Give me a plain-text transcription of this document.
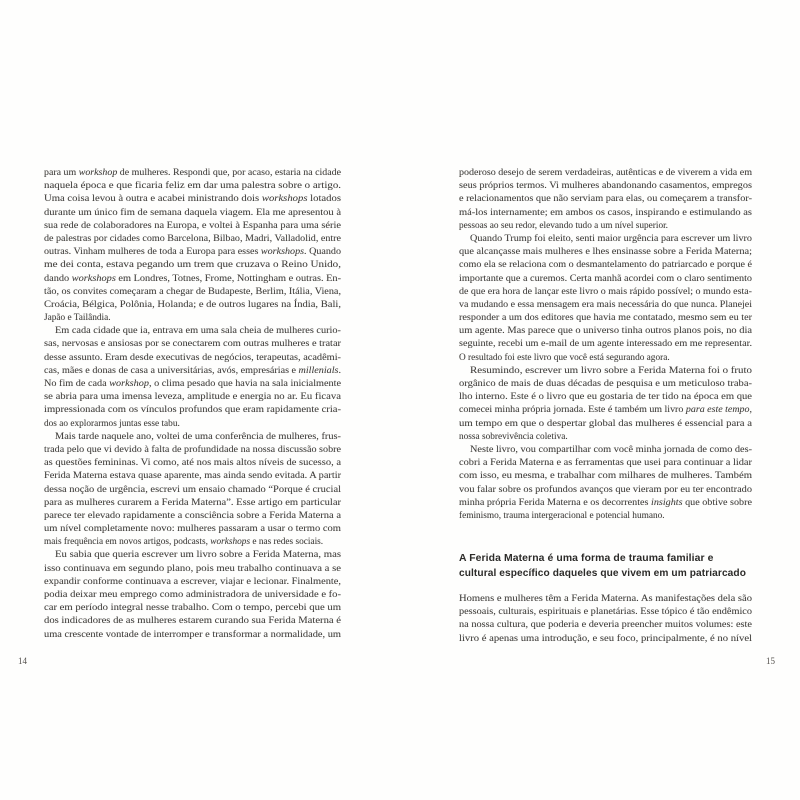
para um workshop de mulheres. Respondi que, por acaso, estaria na cidade
naquela época e que ficaria feliz em dar uma palestra sobre o artigo.
Uma coisa levou à outra e acabei ministrando dois workshops lotados
durante um único fim de semana daquela viagem. Ela me apresentou à
sua rede de colaboradores na Europa, e voltei à Espanha para uma série
de palestras por cidades como Barcelona, Bilbao, Madri, Valladolid, entre
outras. Vinham mulheres de toda a Europa para esses workshops. Quando
me dei conta, estava pegando um trem que cruzava o Reino Unido,
dando workshops em Londres, Totnes, Frome, Nottingham e outras. En-
tão, os convites começaram a chegar de Budapeste, Berlim, Itália, Viena,
Croácia, Bélgica, Polônia, Holanda; e de outros lugares na Índia, Bali,
Japão e Tailândia.
Em cada cidade que ia, entrava em uma sala cheia de mulheres curio-
sas, nervosas e ansiosas por se conectarem com outras mulheres e tratar
desse assunto. Eram desde executivas de negócios, terapeutas, acadêmi-
cas, mães e donas de casa a universitárias, avós, empresárias e millenials.
No fim de cada workshop, o clima pesado que havia na sala inicialmente
se abria para uma imensa leveza, amplitude e energia no ar. Eu ficava
impressionada com os vínculos profundos que eram rapidamente cria-
dos ao explorarmos juntas esse tabu.
Mais tarde naquele ano, voltei de uma conferência de mulheres, frus-
trada pelo que vi devido à falta de profundidade na nossa discussão sobre
as questões femininas. Vi como, até nos mais altos níveis de sucesso, a
Ferida Materna estava quase aparente, mas ainda sendo evitada. A partir
dessa noção de urgência, escrevi um ensaio chamado “Porque é crucial
para as mulheres curarem a Ferida Materna”. Esse artigo em particular
parece ter elevado rapidamente a consciência sobre a Ferida Materna a
um nível completamente novo: mulheres passaram a usar o termo com
mais frequência em novos artigos, podcasts, workshops e nas redes sociais.
Eu sabia que queria escrever um livro sobre a Ferida Materna, mas
isso continuava em segundo plano, pois meu trabalho continuava a se
expandir conforme continuava a escrever, viajar e lecionar. Finalmente,
podia deixar meu emprego como administradora de universidade e fo-
car em período integral nesse trabalho. Com o tempo, percebi que um
dos indicadores de as mulheres estarem curando sua Ferida Materna é
uma crescente vontade de interromper e transformar a normalidade, um
14
poderoso desejo de serem verdadeiras, autênticas e de viverem a vida em
seus próprios termos. Vi mulheres abandonando casamentos, empregos
e relacionamentos que não serviam para elas, ou começarem a transfor-
má-los internamente; em ambos os casos, inspirando e estimulando as
pessoas ao seu redor, elevando tudo a um nível superior.
Quando Trump foi eleito, senti maior urgência para escrever um livro
que alcançasse mais mulheres e lhes ensinasse sobre a Ferida Materna;
como ela se relaciona com o desmantelamento do patriarcado e porque é
importante que a curemos. Certa manhã acordei com o claro sentimento
de que era hora de lançar este livro o mais rápido possível; o mundo esta-
va mudando e essa mensagem era mais necessária do que nunca. Planejei
responder a um dos editores que havia me contatado, mesmo sem eu ter
um agente. Mas parece que o universo tinha outros planos pois, no dia
seguinte, recebi um e-mail de um agente interessado em me representar.
O resultado foi este livro que você está segurando agora.
Resumindo, escrever um livro sobre a Ferida Materna foi o fruto
orgânico de mais de duas décadas de pesquisa e um meticuloso traba-
lho interno. Este é o livro que eu gostaria de ter tido na época em que
comecei minha própria jornada. Este é também um livro para este tempo,
um tempo em que o despertar global das mulheres é essencial para a
nossa sobrevivência coletiva.
Neste livro, vou compartilhar com você minha jornada de como des-
cobri a Ferida Materna e as ferramentas que usei para continuar a lidar
com isso, eu mesma, e trabalhar com milhares de mulheres. Também
vou falar sobre os profundos avanços que vieram por eu ter encontrado
minha própria Ferida Materna e os decorrentes insights que obtive sobre
feminismo, trauma intergeracional e potencial humano.
A Ferida Materna é uma forma de trauma familiar e
cultural específico daqueles que vivem em um patriarcado
Homens e mulheres têm a Ferida Materna. As manifestações dela são
pessoais, culturais, espirituais e planetárias. Esse tópico é tão endêmico
na nossa cultura, que poderia e deveria preencher muitos volumes: este
livro é apenas uma introdução, e seu foco, principalmente, é no nível
15
